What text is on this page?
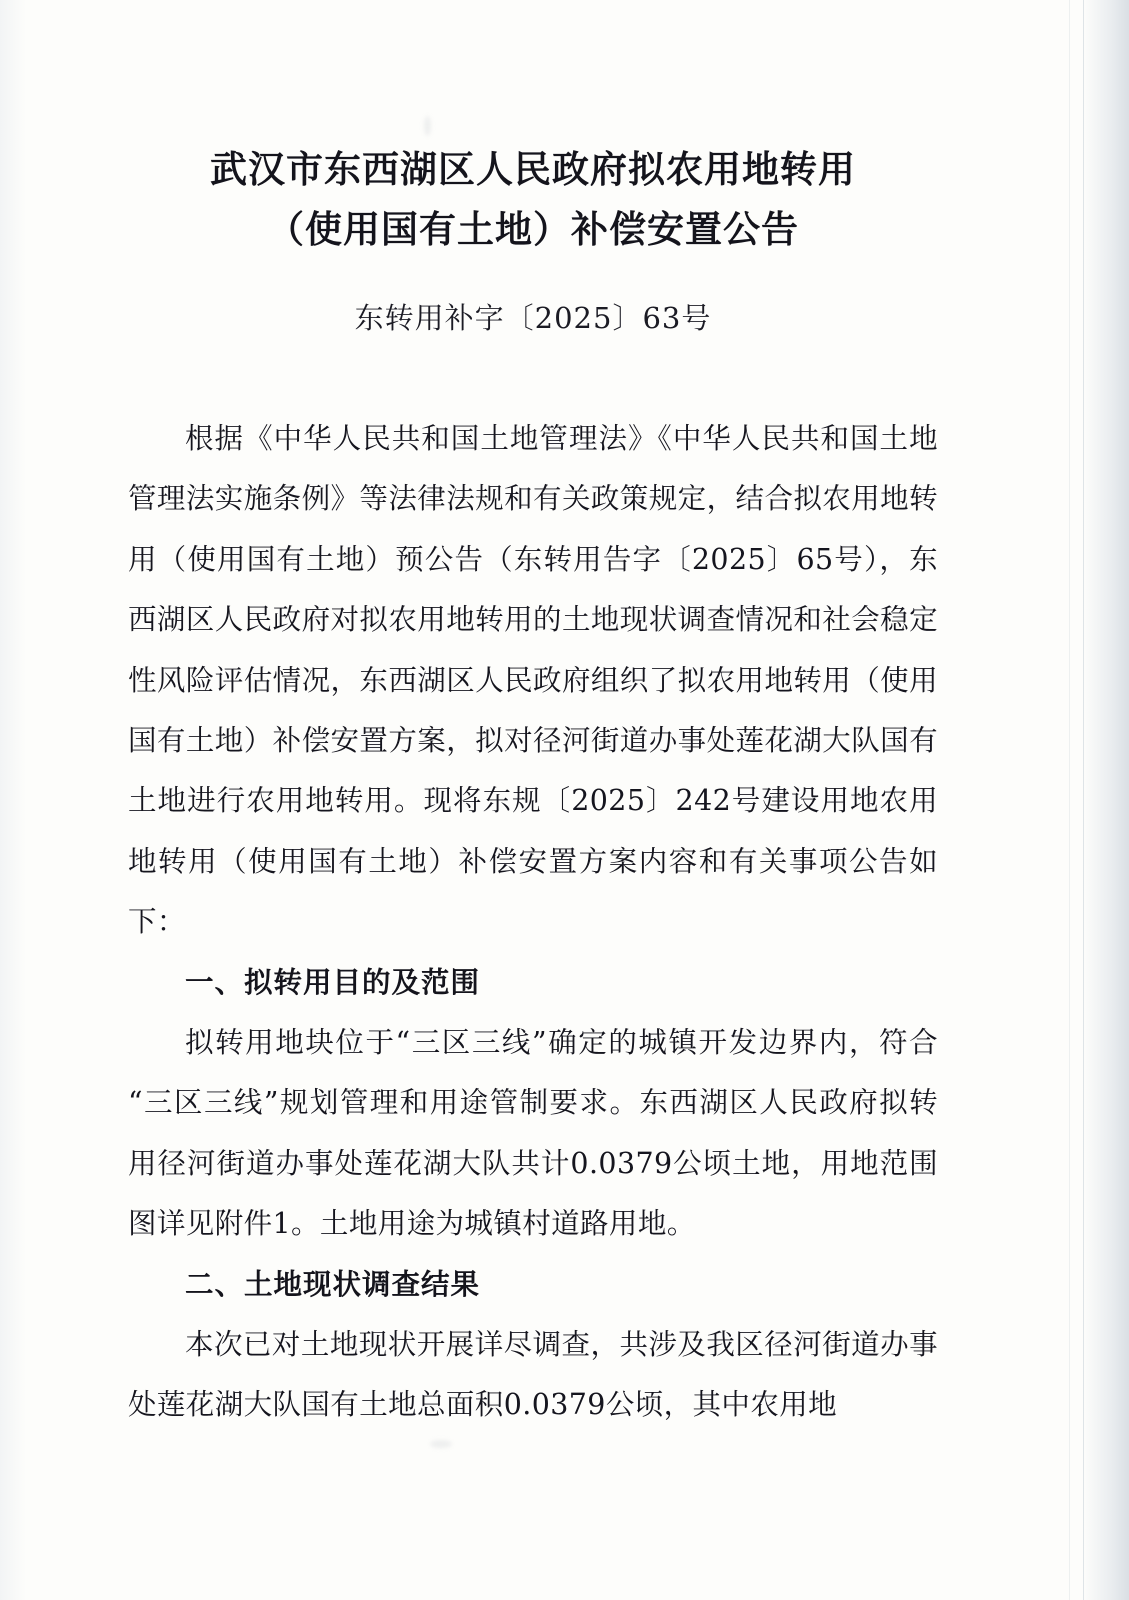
武汉市东西湖区人民政府拟农用地转用
（使用国有土地）补偿安置公告
东转用补字〔2025〕63号

根据《中华人民共和国土地管理法》《中华人民共和国土地管理法实施条例》等法律法规和有关政策规定，结合拟农用地转用（使用国有土地）预公告（东转用告字〔2025〕65号），东西湖区人民政府对拟农用地转用的土地现状调查情况和社会稳定性风险评估情况，东西湖区人民政府组织了拟农用地转用（使用国有土地）补偿安置方案，拟对径河街道办事处莲花湖大队国有土地进行农用地转用。现将东规〔2025〕242号建设用地农用地转用（使用国有土地）补偿安置方案内容和有关事项公告如下：

一、拟转用目的及范围

拟转用地块位于“三区三线”确定的城镇开发边界内，符合“三区三线”规划管理和用途管制要求。东西湖区人民政府拟转用径河街道办事处莲花湖大队共计0.0379公顷土地，用地范围图详见附件1。土地用途为城镇村道路用地。

二、土地现状调查结果

本次已对土地现状开展详尽调查，共涉及我区径河街道办事处莲花湖大队国有土地总面积0.0379公顷，其中农用地
